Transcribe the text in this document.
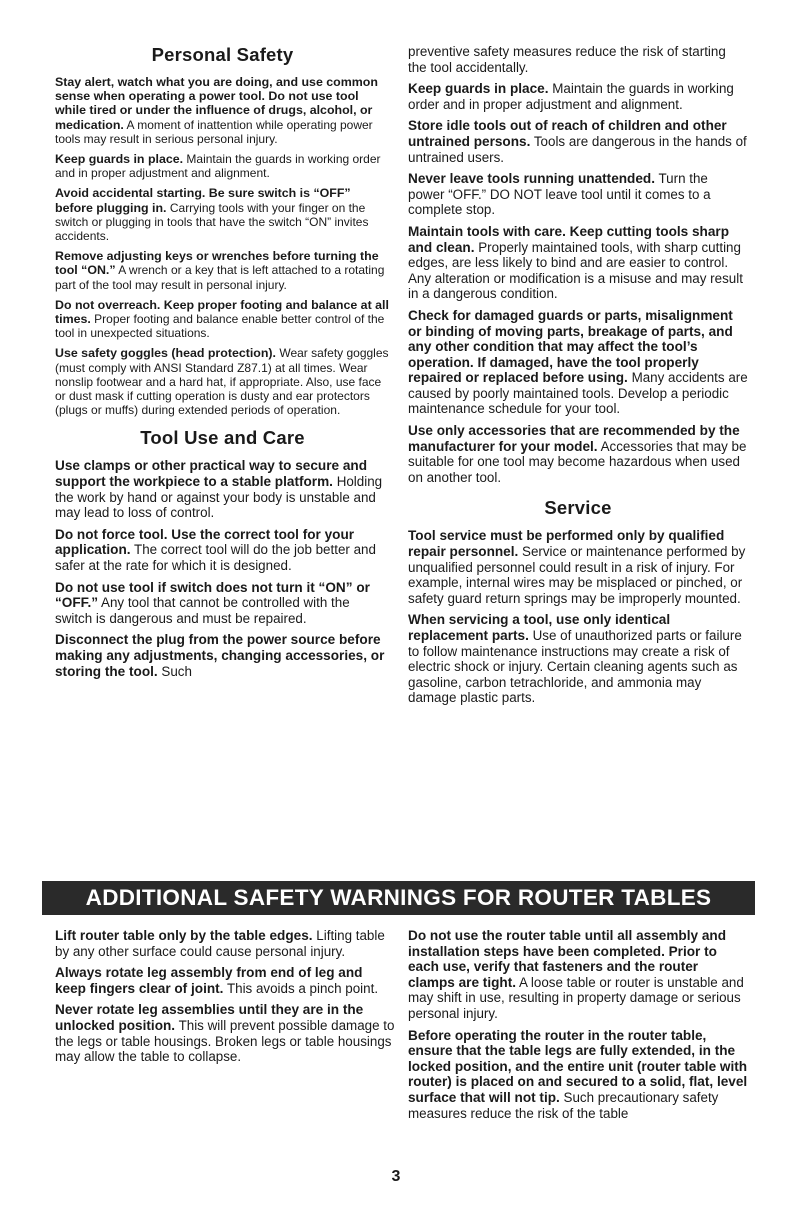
Personal Safety

Stay alert, watch what you are doing, and use common sense when operating a power tool. Do not use tool while tired or under the influence of drugs, alcohol, or medication. A moment of inattention while operating power tools may result in serious personal injury.

Keep guards in place. Maintain the guards in working order and in proper adjustment and alignment.

Avoid accidental starting. Be sure switch is “OFF” before plugging in. Carrying tools with your finger on the switch or plugging in tools that have the switch “ON” invites accidents.

Remove adjusting keys or wrenches before turning the tool “ON.” A wrench or a key that is left attached to a rotating part of the tool may result in personal injury.

Do not overreach. Keep proper footing and balance at all times. Proper footing and balance enable better control of the tool in unexpected situations.

Use safety goggles (head protection). Wear safety goggles (must comply with ANSI Standard Z87.1) at all times. Wear nonslip footwear and a hard hat, if appropriate. Also, use face or dust mask if cutting operation is dusty and ear protectors (plugs or muffs) during extended periods of operation.

Tool Use and Care

Use clamps or other practical way to secure and support the workpiece to a stable platform. Holding the work by hand or against your body is unstable and may lead to loss of control.

Do not force tool. Use the correct tool for your application. The correct tool will do the job better and safer at the rate for which it is designed.

Do not use tool if switch does not turn it “ON” or “OFF.” Any tool that cannot be controlled with the switch is dangerous and must be repaired.

Disconnect the plug from the power source before making any adjustments, changing accessories, or storing the tool. Such

preventive safety measures reduce the risk of starting the tool accidentally.

Keep guards in place. Maintain the guards in working order and in proper adjustment and alignment.

Store idle tools out of reach of children and other untrained persons. Tools are dangerous in the hands of untrained users.

Never leave tools running unattended. Turn the power “OFF.” DO NOT leave tool until it comes to a complete stop.

Maintain tools with care. Keep cutting tools sharp and clean. Properly maintained tools, with sharp cutting edges, are less likely to bind and are easier to control. Any alteration or modification is a misuse and may result in a dangerous condition.

Check for damaged guards or parts, misalignment or binding of moving parts, breakage of parts, and any other condition that may affect the tool’s operation. If damaged, have the tool properly repaired or replaced before using. Many accidents are caused by poorly maintained tools. Develop a periodic maintenance schedule for your tool.

Use only accessories that are recommended by the manufacturer for your model. Accessories that may be suitable for one tool may become hazardous when used on another tool.

Service

Tool service must be performed only by qualified repair personnel. Service or maintenance performed by unqualified personnel could result in a risk of injury. For example, internal wires may be misplaced or pinched, or safety guard return springs may be improperly mounted.

When servicing a tool, use only identical replacement parts. Use of unauthorized parts or failure to follow maintenance instructions may create a risk of electric shock or injury. Certain cleaning agents such as gasoline, carbon tetrachloride, and ammonia may damage plastic parts.

ADDITIONAL SAFETY WARNINGS FOR ROUTER TABLES

Lift router table only by the table edges. Lifting table by any other surface could cause personal injury.

Always rotate leg assembly from end of leg and keep fingers clear of joint. This avoids a pinch point.

Never rotate leg assemblies until they are in the unlocked position. This will prevent possible damage to the legs or table housings. Broken legs or table housings may allow the table to collapse.

Do not use the router table until all assembly and installation steps have been completed. Prior to each use, verify that fasteners and the router clamps are tight. A loose table or router is unstable and may shift in use, resulting in property damage or serious personal injury.

Before operating the router in the router table, ensure that the table legs are fully extended, in the locked position, and the entire unit (router table with router) is placed on and secured to a solid, flat, level surface that will not tip. Such precautionary safety measures reduce the risk of the table

3
